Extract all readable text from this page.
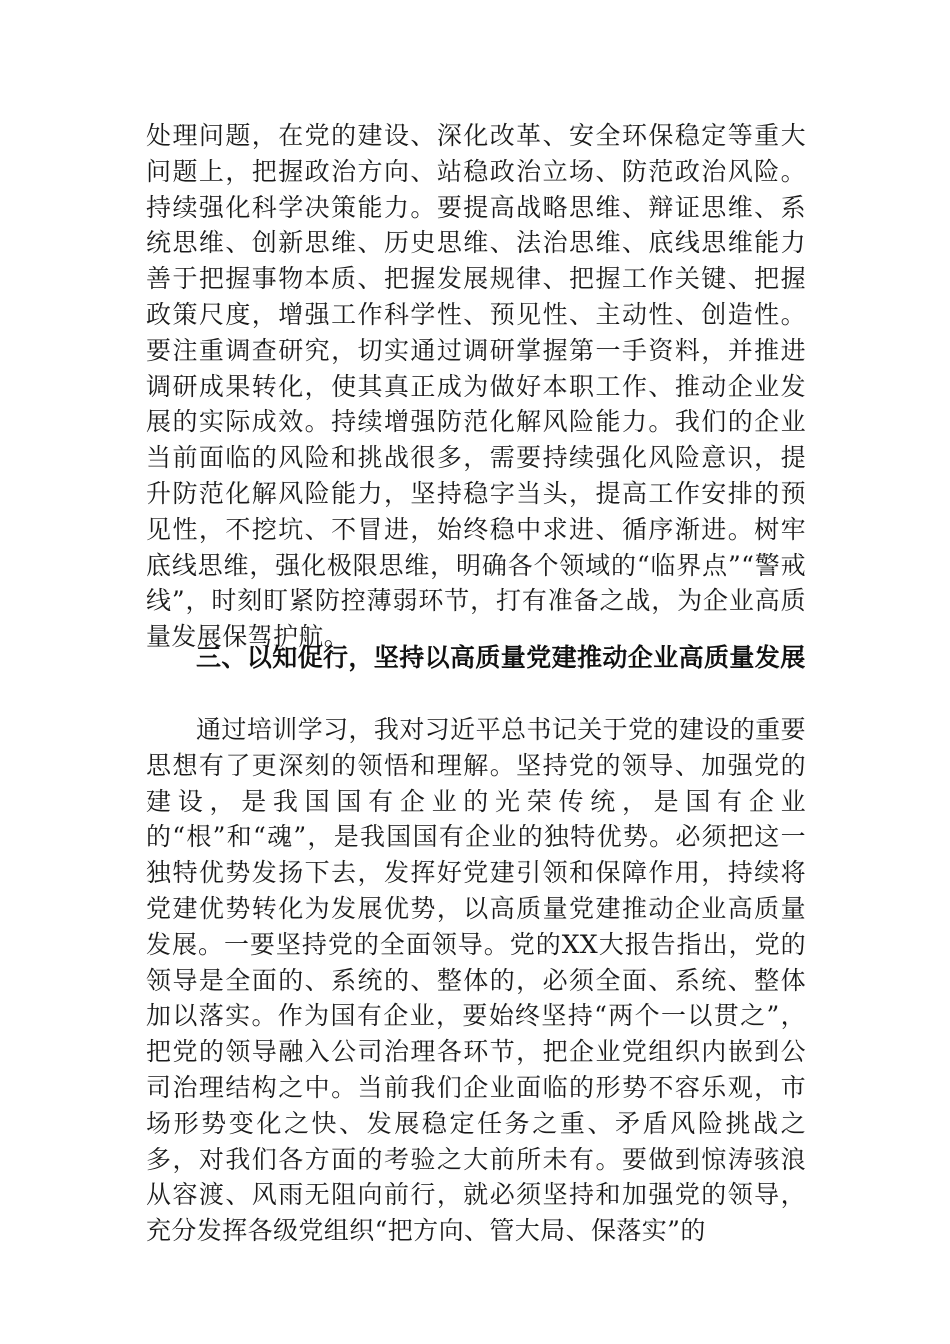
处理问题，在党的建设、深化改革、安全环保稳定等重大问题上，把握政治方向、站稳政治立场、防范政治风险。持续强化科学决策能力。要提高战略思维、辩证思维、系统思维、创新思维、历史思维、法治思维、底线思维能力善于把握事物本质、把握发展规律、把握工作关键、把握政策尺度，增强工作科学性、预见性、主动性、创造性。要注重调查研究，切实通过调研掌握第一手资料，并推进调研成果转化，使其真正成为做好本职工作、推动企业发展的实际成效。持续增强防范化解风险能力。我们的企业当前面临的风险和挑战很多，需要持续强化风险意识，提升防范化解风险能力，坚持稳字当头，提高工作安排的预见性，不挖坑、不冒进，始终稳中求进、循序渐进。树牢底线思维，强化极限思维，明确各个领域的“临界点”“警戒线”，时刻盯紧防控薄弱环节，打有准备之战，为企业高质量发展保驾护航。

三、以知促行，坚持以高质量党建推动企业高质量发展

通过培训学习，我对习近平总书记关于党的建设的重要思想有了更深刻的领悟和理解。坚持党的领导、加强党的建设，是我国国有企业的光荣传统，是国有企业的“根”和“魂”，是我国国有企业的独特优势。必须把这一独特优势发扬下去，发挥好党建引领和保障作用，持续将党建优势转化为发展优势，以高质量党建推动企业高质量发展。一要坚持党的全面领导。党的XX大报告指出，党的领导是全面的、系统的、整体的，必须全面、系统、整体加以落实。作为国有企业，要始终坚持“两个一以贯之”，把党的领导融入公司治理各环节，把企业党组织内嵌到公司治理结构之中。当前我们企业面临的形势不容乐观，市场形势变化之快、发展稳定任务之重、矛盾风险挑战之多，对我们各方面的考验之大前所未有。要做到惊涛骇浪从容渡、风雨无阻向前行，就必须坚持和加强党的领导，充分发挥各级党组织“把方向、管大局、保落实”的
